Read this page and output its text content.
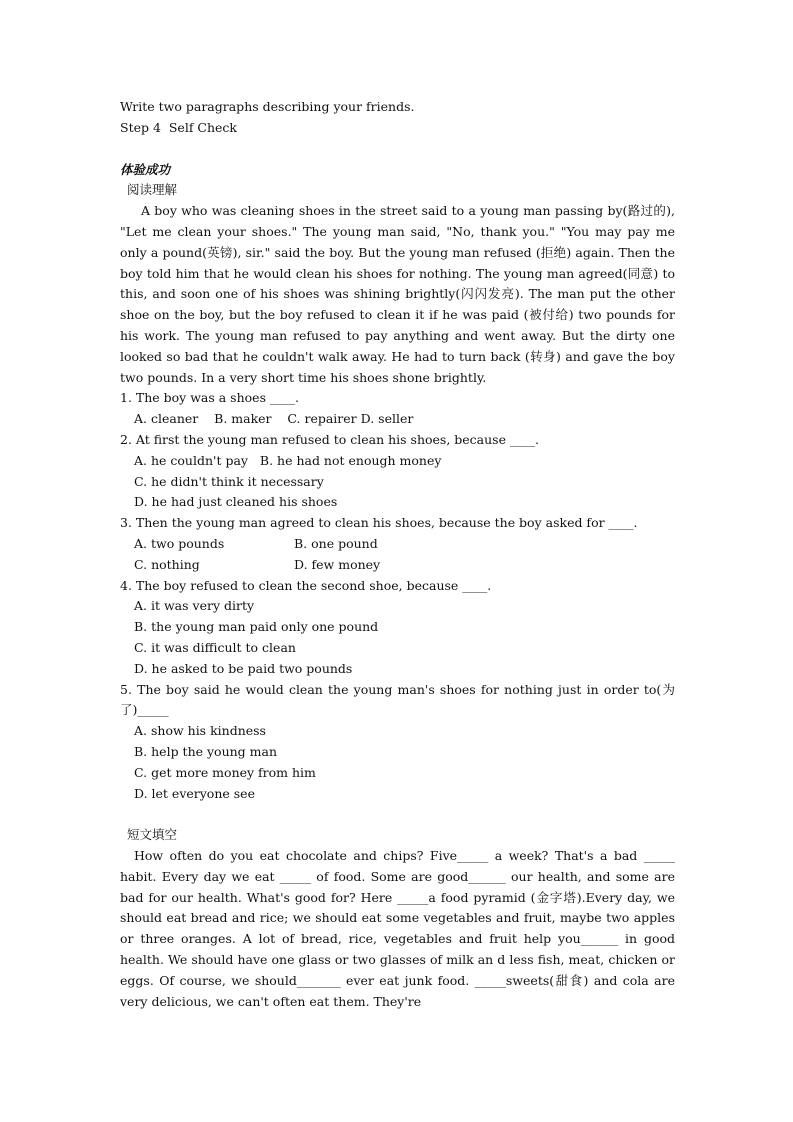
Write two paragraphs describing your friends.
Step 4  Self Check
体验成功
阅读理解
A boy who was cleaning shoes in the street said to a young man passing by(路过的), "Let me clean your shoes." The young man said, "No, thank you." "You may pay me only a pound(英镑), sir." said the boy. But the young man refused (拒绝) again. Then the boy told him that he would clean his shoes for nothing. The young man agreed(同意) to this, and soon one of his shoes was shining brightly(闪闪发亮). The man put the other shoe on the boy, but the boy refused to clean it if he was paid (被付给) two pounds for his work. The young man refused to pay anything and went away. But the dirty one looked so bad that he couldn't walk away. He had to turn back (转身) and gave the boy two pounds. In a very short time his shoes shone brightly.
1. The boy was a shoes ____.
A. cleaner    B. maker    C. repairer D. seller
2. At first the young man refused to clean his shoes, because ____.
A. he couldn't pay   B. he had not enough money
C. he didn't think it necessary
D. he had just cleaned his shoes
3. Then the young man agreed to clean his shoes, because the boy asked for ____.
A. two pounds	B. one pound
C. nothing	D. few money
4. The boy refused to clean the second shoe, because ____.
A. it was very dirty
B. the young man paid only one pound
C. it was difficult to clean
D. he asked to be paid two pounds
5. The boy said he would clean the young man's shoes for nothing just in order to(为了)_____
A. show his kindness
B. help the young man
C. get more money from him
D. let everyone see
短文填空
How often do you eat chocolate and chips? Five_____ a week? That's a bad _____ habit. Every day we eat _____ of food. Some are good______ our health, and some are bad for our health. What's good for? Here _____a food pyramid (金字塔).Every day, we should eat bread and rice; we should eat some vegetables and fruit, maybe two apples or three oranges. A lot of bread, rice, vegetables and fruit help you______ in good health. We should have one glass or two glasses of milk an d less fish, meat, chicken or eggs. Of course, we should_______ ever eat junk food. _____sweets(甜食) and cola are very delicious, we can't often eat them. They're
